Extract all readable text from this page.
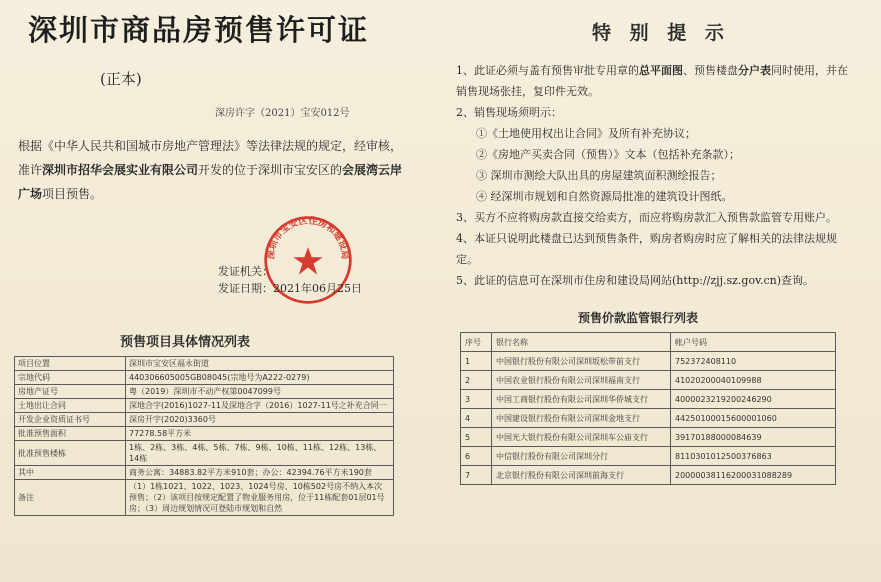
深圳市商品房预售许可证
(正本)
深房许字（2021）宝安012号
根据《中华人民共和国城市房地产管理法》等法律法规的规定，经审核，准许深圳市招华会展实业有限公司开发的位于深圳市宝安区的会展湾云岸广场项目预售。
深圳市宝安区住房和建设局
发证机关：
发证日期：2021年06月25日
预售项目具体情况列表
项目位置	深圳市宝安区福永街道
宗地代码	440306605005GB08045(宗地号为A222-0279)
房地产证号	粤（2019）深圳市不动产权第0047099号
土地出让合同	深地合字(2016)1027-11及深地合字（2016）1027-11号之补充合同一
开发企业资质证书号	深房开字(2020)3360号
批准预售面积	77278.58平方米
批准预售楼栋	1栋、2栋、3栋、4栋、5栋、7栋、9栋、10栋、11栋、12栋、13栋、14栋
其中	商务公寓：34883.82平方米910套；办公：42394.76平方米190套
备注	（1）1栋1021、1022、1023、1024号房、10栋502号房不纳入本次预售；（2）该项目按规定配置了物业服务用房，位于11栋配套01层01号房；（3）周边规划情况可登陆市规划和自然
特 别 提 示
1、此证必须与盖有预售审批专用章的总平面图、预售楼盘分户表同时使用，并在销售现场张挂，复印件无效。
2、销售现场须明示：
①《土地使用权出让合同》及所有补充协议；
②《房地产买卖合同（预售）》文本（包括补充条款）；
③ 深圳市测绘大队出具的房屋建筑面积测绘报告；
④ 经深圳市规划和自然资源局批准的建筑设计图纸。
3、买方不应将购房款直接交给卖方，而应将购房款汇入预售款监管专用账户。
4、本证只说明此楼盘已达到预售条件，购房者购房时应了解相关的法律法规规定。
5、此证的信息可在深圳市住房和建设局网站(http://zjj.sz.gov.cn)查询。
预售价款监管银行列表
序号	银行名称	帐户号码
1	中国银行股份有限公司深圳坂松带前支行	752372408110
2	中国农业银行股份有限公司深圳福南支行	41020200040109988
3	中国工商银行股份有限公司深圳华侨城支行	4000023219200246290
4	中国建设银行股份有限公司深圳金地支行	44250100015600001060
5	中国光大银行股份有限公司深圳车公庙支行	39170188000084639
6	中信银行股份有限公司深圳分行	8110301012500376863
7	北京银行股份有限公司深圳前海支行	20000038116200031088289
